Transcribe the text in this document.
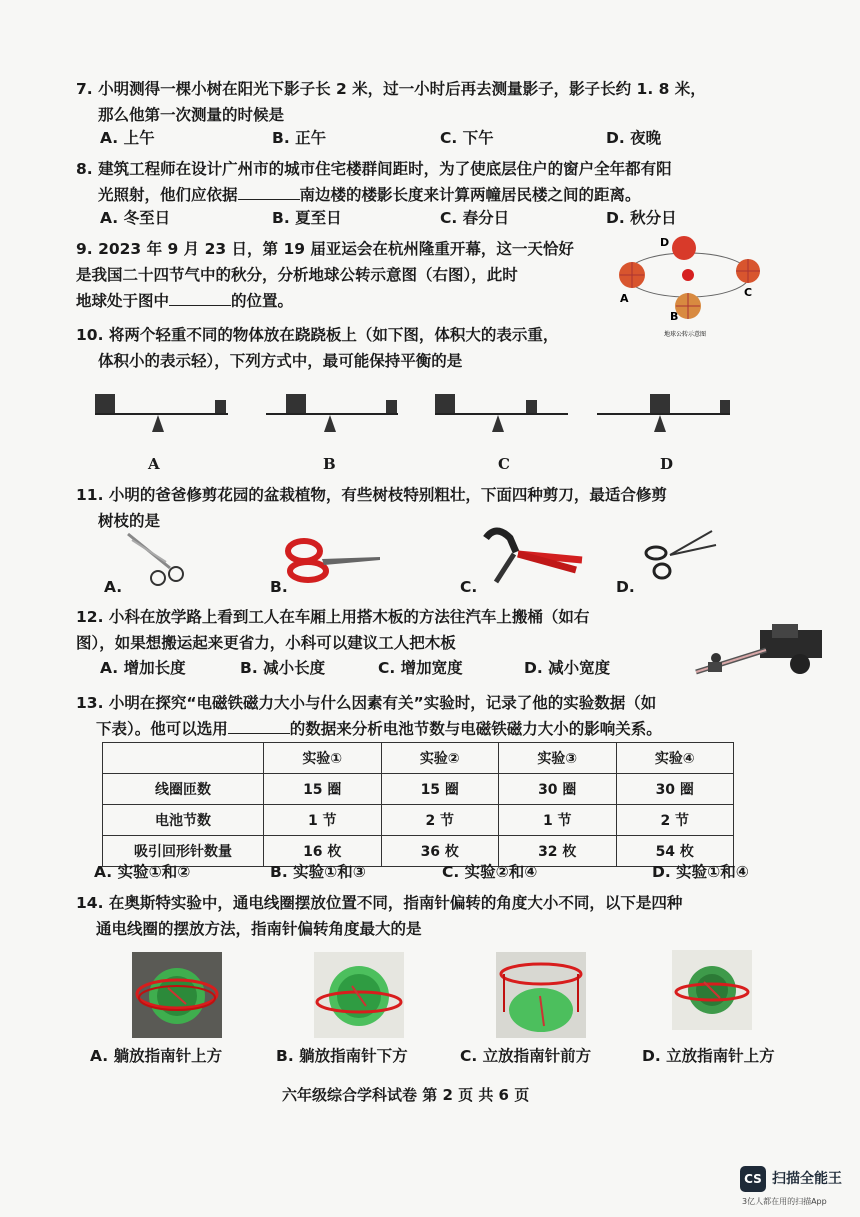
7. 小明测得一棵小树在阳光下影子长 2 米，过一小时后再去测量影子，影子长约 1. 8 米，
那么他第一次测量的时候是
A. 上午	B. 正午	C. 下午	D. 夜晚
8. 建筑工程师在设计广州市的城市住宅楼群间距时，为了使底层住户的窗户全年都有阳
光照射，他们应依据	南边楼的楼影长度来计算两幢居民楼之间的距离。
A. 冬至日	B. 夏至日	C. 春分日	D. 秋分日
9. 2023 年 9 月 23 日，第 19 届亚运会在杭州隆重开幕，这一天恰好
是我国二十四节气中的秋分，分析地球公转示意图（右图），此时
地球处于图中	的位置。
D
A
B
C
地球公转示意图
10. 将两个轻重不同的物体放在跷跷板上（如下图，体积大的表示重，
体积小的表示轻），下列方式中，最可能保持平衡的是
A	B	C	D
11. 小明的爸爸修剪花园的盆栽植物，有些树枝特别粗壮，下面四种剪刀，最适合修剪
树枝的是
A.	B.	C.	D.
12. 小科在放学路上看到工人在车厢上用搭木板的方法往汽车上搬桶（如右
图），如果想搬运起来更省力，小科可以建议工人把木板
A. 增加长度	B. 减小长度	C. 增加宽度	D. 减小宽度
13. 小明在探究“电磁铁磁力大小与什么因素有关”实验时，记录了他的实验数据（如
下表）。他可以选用	的数据来分析电池节数与电磁铁磁力大小的影响关系。
	实验①	实验②	实验③	实验④
线圈匝数	15 圈	15 圈	30 圈	30 圈
电池节数	1 节	2 节	1 节	2 节
吸引回形针数量	16 枚	36 枚	32 枚	54 枚
A. 实验①和②	B. 实验①和③	C. 实验②和④	D. 实验①和④
14. 在奥斯特实验中，通电线圈摆放位置不同，指南针偏转的角度大小不同，以下是四种
通电线圈的摆放方法，指南针偏转角度最大的是
A. 躺放指南针上方	B. 躺放指南针下方	C. 立放指南针前方	D. 立放指南针上方
六年级综合学科试卷 第 2 页 共 6 页
CS 扫描全能王
3亿人都在用的扫描App
